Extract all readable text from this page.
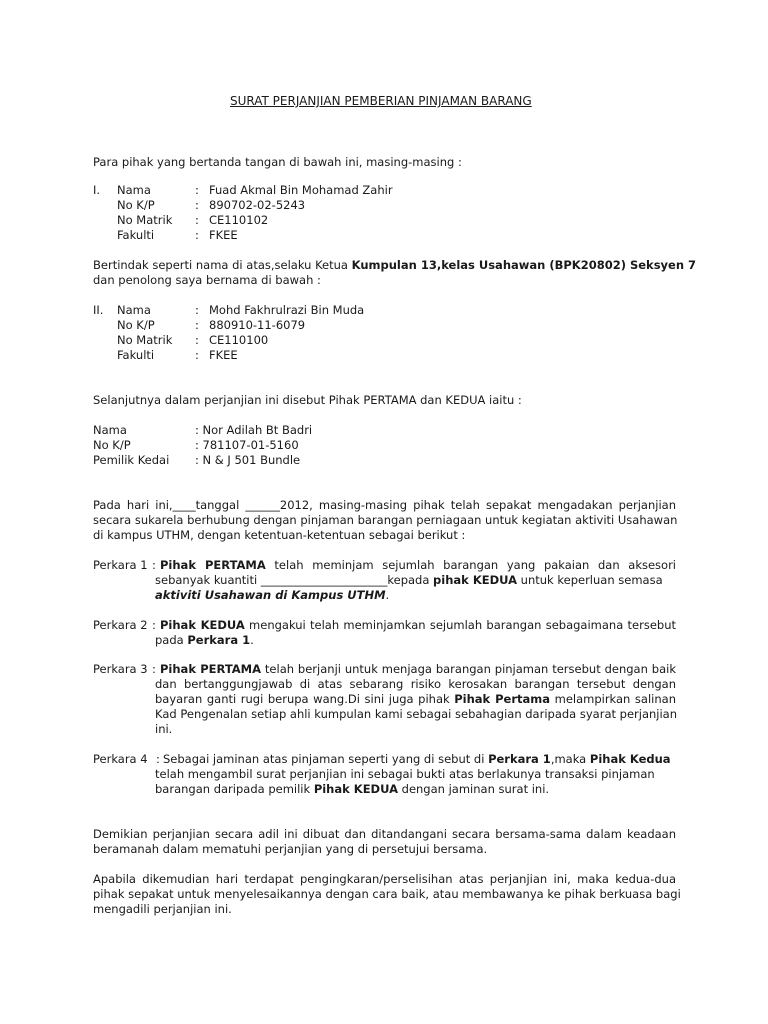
SURAT PERJANJIAN PEMBERIAN PINJAMAN BARANG
Para pihak yang bertanda tangan di bawah ini, masing-masing :
I. Nama	: Fuad Akmal Bin Mohamad Zahir
No K/P	: 890702-02-5243
No Matrik : CE110102
Fakulti	: FKEE
Bertindak seperti nama di atas,selaku Ketua Kumpulan 13,kelas Usahawan (BPK20802) Seksyen 7
dan penolong saya bernama di bawah :
II. Nama	: Mohd Fakhrulrazi Bin Muda
No K/P	: 880910-11-6079
No Matrik : CE110100
Fakulti	: FKEE
Selanjutnya dalam perjanjian ini disebut Pihak PERTAMA dan KEDUA iaitu :
Nama	: Nor Adilah Bt Badri
No K/P	: 781107-01-5160
Pemilik Kedai : N & J 501 Bundle
Pada hari ini,____tanggal ______2012, masing-masing pihak telah sepakat mengadakan perjanjian
secara sukarela berhubung dengan pinjaman barangan perniagaan untuk kegiatan aktiviti Usahawan
di kampus UTHM, dengan ketentuan-ketentuan sebagai berikut :
Perkara 1 : Pihak PERTAMA telah meminjam sejumlah barangan yang pakaian dan aksesori
sebanyak kuantiti ______________________kepada pihak KEDUA untuk keperluan semasa
aktiviti Usahawan di Kampus UTHM.
Perkara 2 : Pihak KEDUA mengakui telah meminjamkan sejumlah barangan sebagaimana tersebut
pada Perkara 1.
Perkara 3 : Pihak PERTAMA telah berjanji untuk menjaga barangan pinjaman tersebut dengan baik
dan bertanggungjawab di atas sebarang risiko kerosakan barangan tersebut dengan
bayaran ganti rugi berupa wang.Di sini juga pihak Pihak Pertama melampirkan salinan
Kad Pengenalan setiap ahli kumpulan kami sebagai sebahagian daripada syarat perjanjian
ini.
Perkara 4 : Sebagai jaminan atas pinjaman seperti yang di sebut di Perkara 1,maka Pihak Kedua
telah mengambil surat perjanjian ini sebagai bukti atas berlakunya transaksi pinjaman
barangan daripada pemilik Pihak KEDUA dengan jaminan surat ini.
Demikian perjanjian secara adil ini dibuat dan ditandangani secara bersama-sama dalam keadaan
beramanah dalam mematuhi perjanjian yang di persetujui bersama.
Apabila dikemudian hari terdapat pengingkaran/perselisihan atas perjanjian ini, maka kedua-dua
pihak sepakat untuk menyelesaikannya dengan cara baik, atau membawanya ke pihak berkuasa bagi
mengadili perjanjian ini.
